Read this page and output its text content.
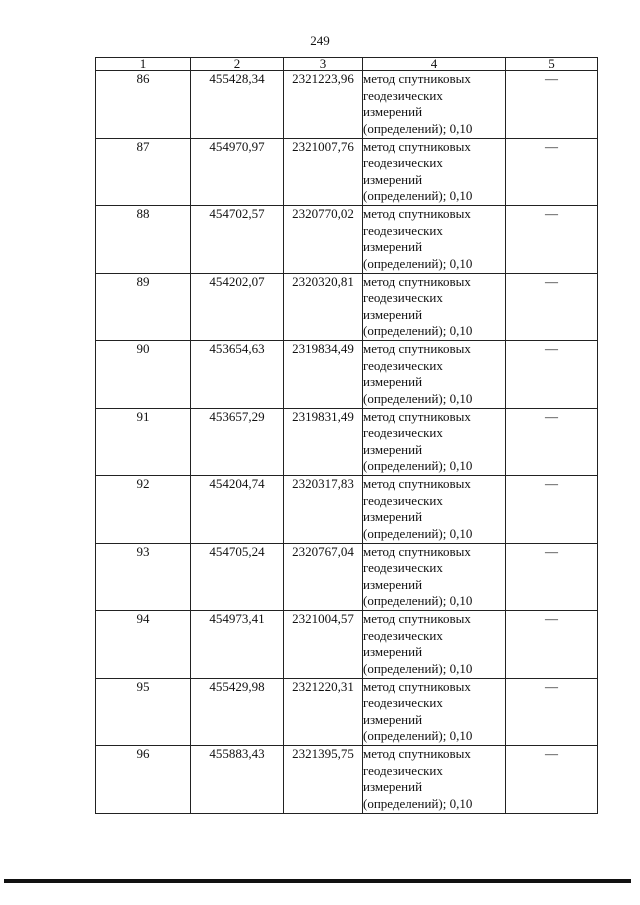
249
1	2	3	4	5
86	455428,34	2321223,96	метод спутниковых геодезических измерений (определений); 0,10	—
87	454970,97	2321007,76	метод спутниковых геодезических измерений (определений); 0,10	—
88	454702,57	2320770,02	метод спутниковых геодезических измерений (определений); 0,10	—
89	454202,07	2320320,81	метод спутниковых геодезических измерений (определений); 0,10	—
90	453654,63	2319834,49	метод спутниковых геодезических измерений (определений); 0,10	—
91	453657,29	2319831,49	метод спутниковых геодезических измерений (определений); 0,10	—
92	454204,74	2320317,83	метод спутниковых геодезических измерений (определений); 0,10	—
93	454705,24	2320767,04	метод спутниковых геодезических измерений (определений); 0,10	—
94	454973,41	2321004,57	метод спутниковых геодезических измерений (определений); 0,10	—
95	455429,98	2321220,31	метод спутниковых геодезических измерений (определений); 0,10	—
96	455883,43	2321395,75	метод спутниковых геодезических измерений (определений); 0,10	—
